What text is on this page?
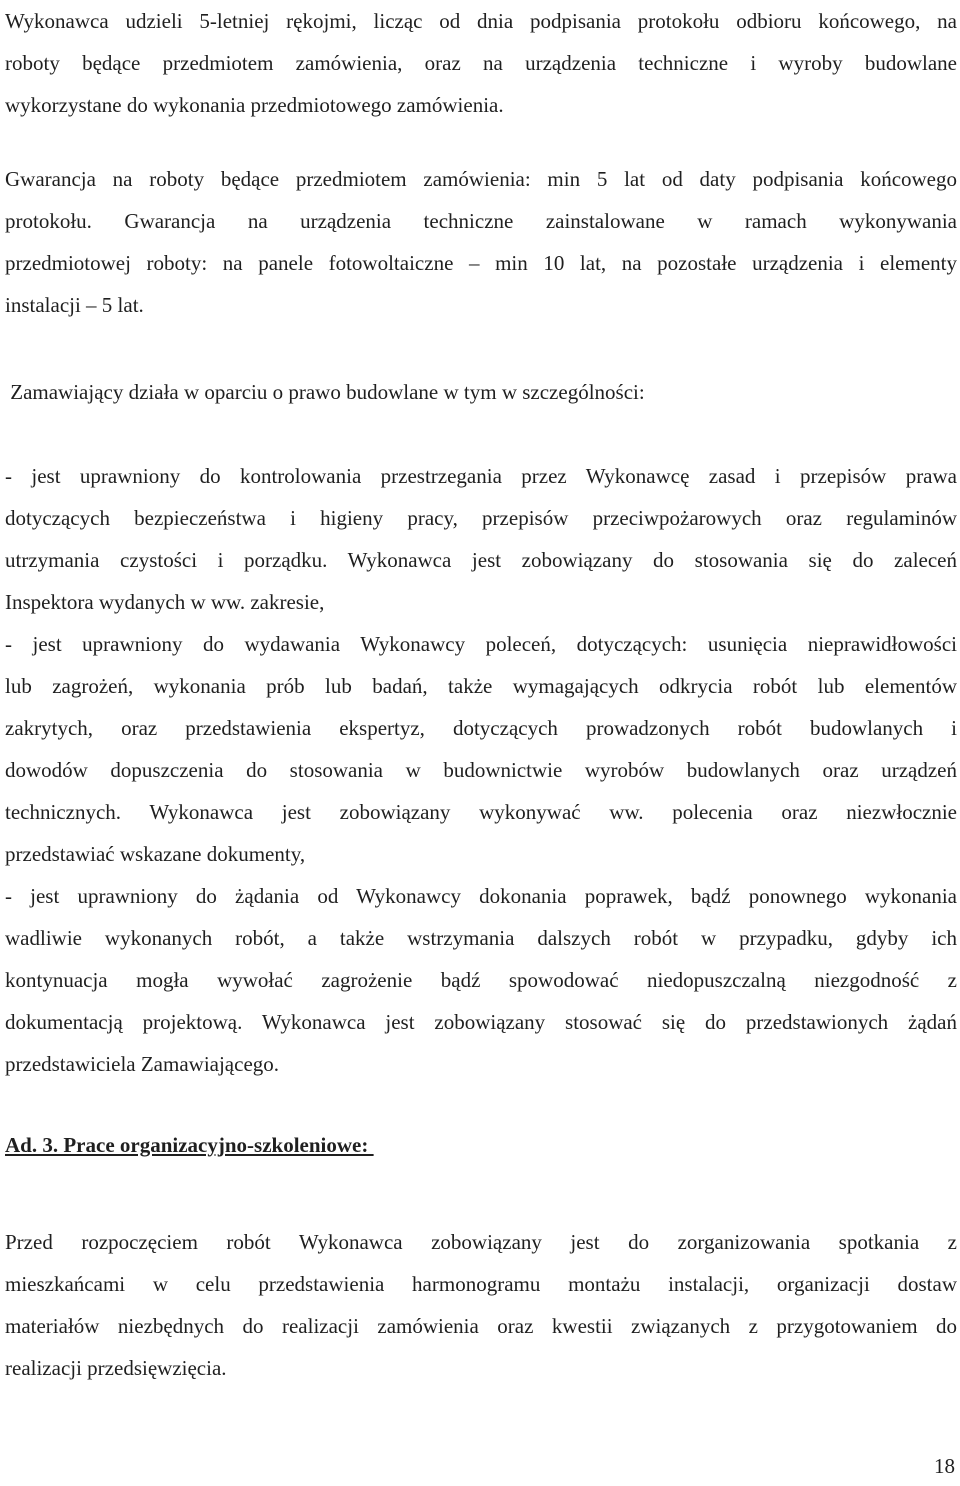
Wykonawca udzieli 5-letniej rękojmi, licząc od dnia podpisania protokołu odbioru końcowego, na
roboty będące przedmiotem zamówienia, oraz na urządzenia techniczne i wyroby budowlane
wykorzystane do wykonania przedmiotowego zamówienia.
Gwarancja na roboty będące przedmiotem zamówienia: min 5 lat od daty podpisania końcowego
protokołu. Gwarancja na urządzenia techniczne zainstalowane w ramach wykonywania
przedmiotowej roboty: na panele fotowoltaiczne – min 10 lat, na pozostałe urządzenia i elementy
instalacji – 5 lat.
Zamawiający działa w oparciu o prawo budowlane w tym w szczególności:
- jest uprawniony do kontrolowania przestrzegania przez Wykonawcę zasad i przepisów prawa
dotyczących bezpieczeństwa i higieny pracy, przepisów przeciwpożarowych oraz regulaminów
utrzymania czystości i porządku. Wykonawca jest zobowiązany do stosowania się do zaleceń
Inspektora wydanych w ww. zakresie,
- jest uprawniony do wydawania Wykonawcy poleceń, dotyczących: usunięcia nieprawidłowości
lub zagrożeń, wykonania prób lub badań, także wymagających odkrycia robót lub elementów
zakrytych, oraz przedstawienia ekspertyz, dotyczących prowadzonych robót budowlanych i
dowodów dopuszczenia do stosowania w budownictwie wyrobów budowlanych oraz urządzeń
technicznych. Wykonawca jest zobowiązany wykonywać ww. polecenia oraz niezwłocznie
przedstawiać wskazane dokumenty,
- jest uprawniony do żądania od Wykonawcy dokonania poprawek, bądź ponownego wykonania
wadliwie wykonanych robót, a także wstrzymania dalszych robót w przypadku, gdyby ich
kontynuacja mogła wywołać zagrożenie bądź spowodować niedopuszczalną niezgodność z
dokumentacją projektową. Wykonawca jest zobowiązany stosować się do przedstawionych żądań
przedstawiciela Zamawiającego.
Ad. 3. Prace organizacyjno-szkoleniowe:
Przed rozpoczęciem robót Wykonawca zobowiązany jest do zorganizowania spotkania z
mieszkańcami w celu przedstawienia harmonogramu montażu instalacji, organizacji dostaw
materiałów niezbędnych do realizacji zamówienia oraz kwestii związanych z przygotowaniem do
realizacji przedsięwzięcia.
18
